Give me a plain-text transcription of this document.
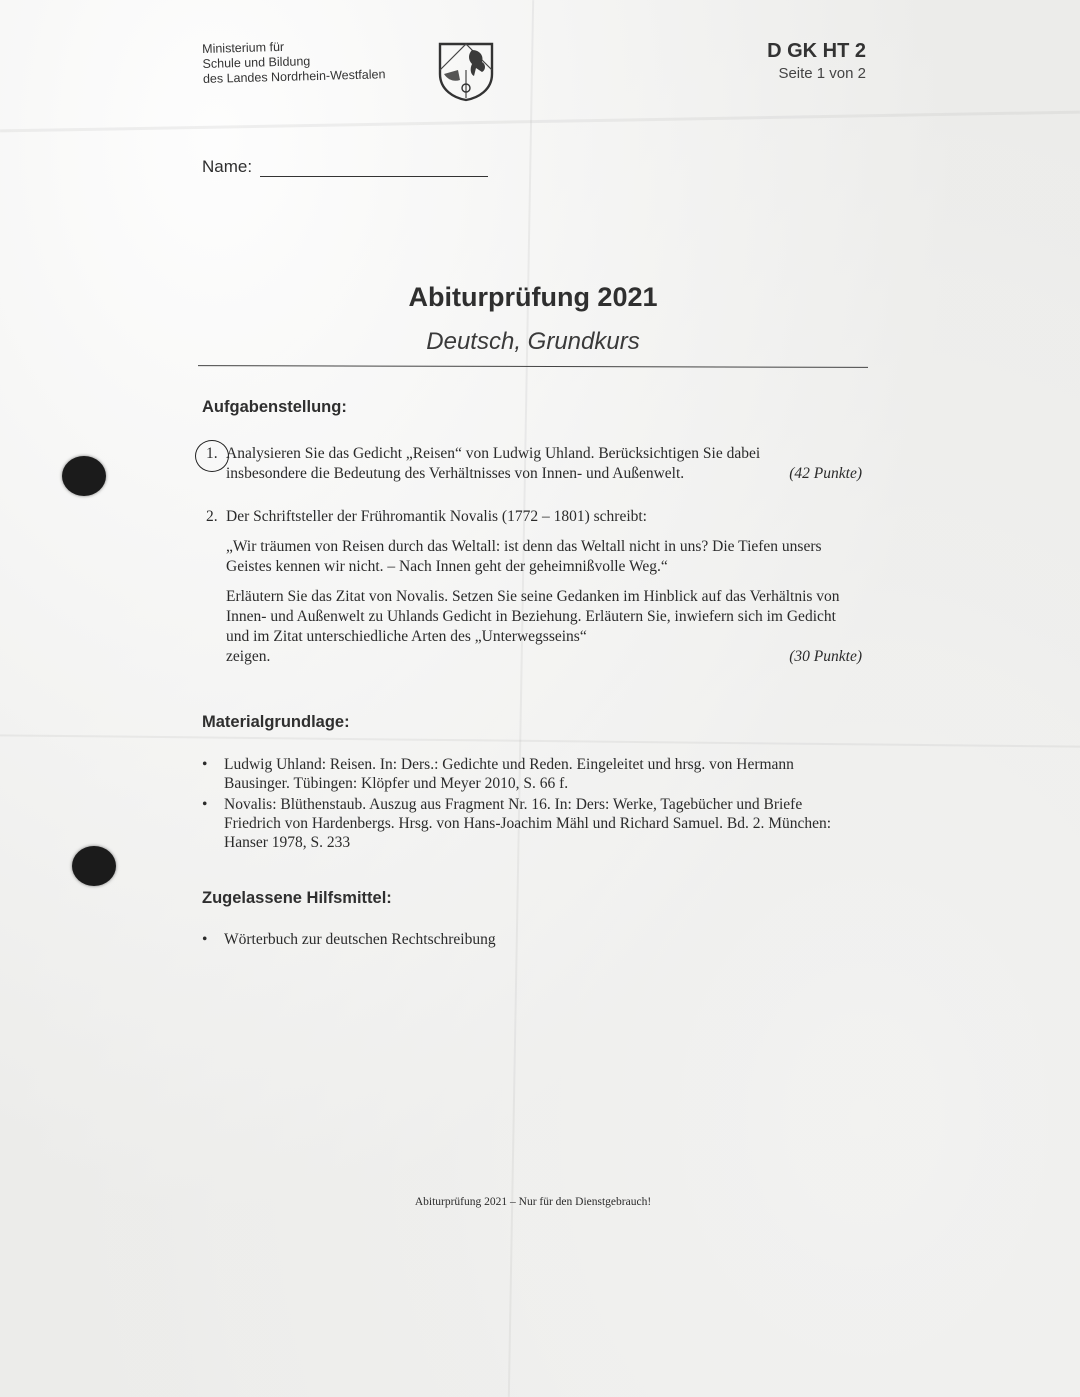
Ministerium für
Schule und Bildung
des Landes Nordrhein-Westfalen
D GK HT 2
Seite 1 von 2
Name:
Abiturprüfung 2021
Deutsch, Grundkurs
Aufgabenstellung:
1. Analysieren Sie das Gedicht „Reisen“ von Ludwig Uhland. Berücksichtigen Sie dabei
insbesondere die Bedeutung des Verhältnisses von Innen- und Außenwelt.	(42 Punkte)
2. Der Schriftsteller der Frühromantik Novalis (1772 – 1801) schreibt:
„Wir träumen von Reisen durch das Weltall: ist denn das Weltall nicht in uns? Die Tiefen unsers Geistes kennen wir nicht. – Nach Innen geht der geheimnißvolle Weg.“
Erläutern Sie das Zitat von Novalis. Setzen Sie seine Gedanken im Hinblick auf das Verhältnis von Innen- und Außenwelt zu Uhlands Gedicht in Beziehung. Erläutern Sie, inwiefern sich im Gedicht und im Zitat unterschiedliche Arten des „Unterwegsseins“
zeigen.	(30 Punkte)
Materialgrundlage:
• Ludwig Uhland: Reisen. In: Ders.: Gedichte und Reden. Eingeleitet und hrsg. von Hermann Bausinger. Tübingen: Klöpfer und Meyer 2010, S. 66 f.
• Novalis: Blüthenstaub. Auszug aus Fragment Nr. 16. In: Ders: Werke, Tagebücher und Briefe Friedrich von Hardenbergs. Hrsg. von Hans-Joachim Mähl und Richard Samuel. Bd. 2. München: Hanser 1978, S. 233
Zugelassene Hilfsmittel:
• Wörterbuch zur deutschen Rechtschreibung
Abiturprüfung 2021 – Nur für den Dienstgebrauch!
